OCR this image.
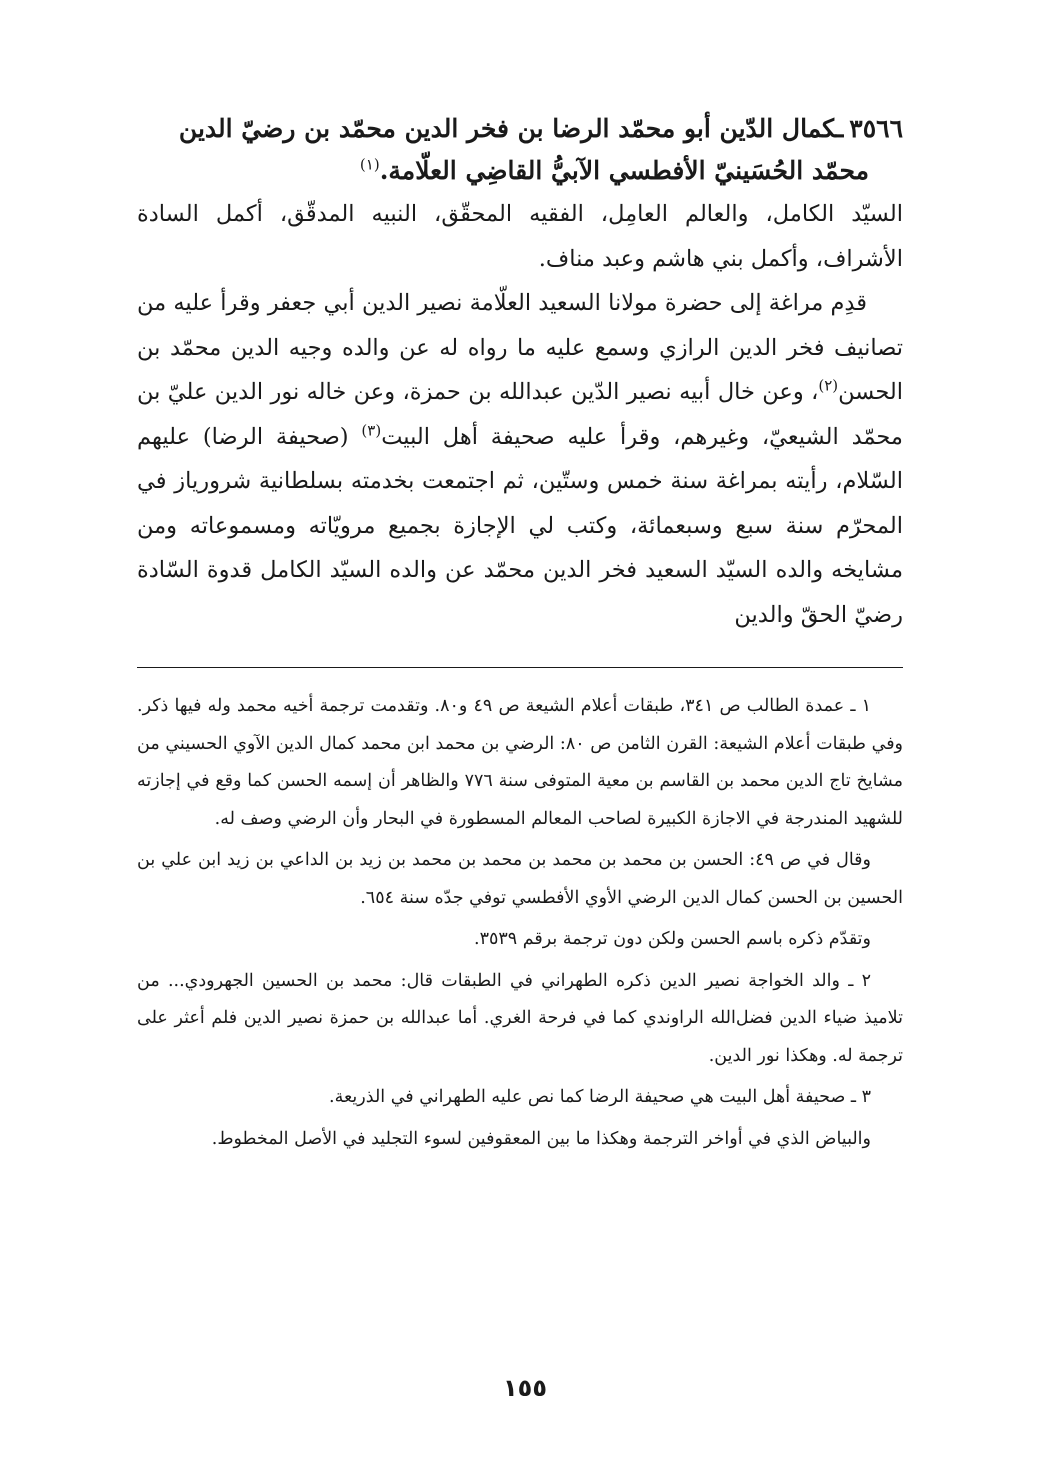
٣٥٦٦ـكمال الدّين أبو محمّد الرضا بن فخر الدين محمّد بن رضيّ الدين
محمّد الحُسَينيّ الأفطسي الآبيُّ القاضِي العلّامة.$^{(١)}$

السيّد الكامل، والعالم العامِل، الفقيه المحقّق، النبيه المدقّق، أكمل السادة الأشراف، وأكمل بني هاشم وعبد مناف.

قدِم مراغة إلى حضرة مولانا السعيد العلّامة نصير الدين أبي جعفر وقرأ عليه من تصانيف فخر الدين الرازي وسمع عليه ما رواه له عن والده وجيه الدين محمّد بن الحسن$^{(٢)}$، وعن خال أبيه نصير الدّين عبدالله بن حمزة، وعن خاله نور الدين عليّ بن محمّد الشيعيّ، وغيرهم، وقرأ عليه صحيفة أهل البيت$^{(٣)}$ (صحيفة الرضا) عليهم السّلام، رأيته بمراغة سنة خمس وستّين، ثم اجتمعت بخدمته بسلطانية شرورياز في المحرّم سنة سبع وسبعمائة، وكتب لي الإجازة بجميع مرويّاته ومسموعاته ومن مشايخه والده السيّد السعيد فخر الدين محمّد عن والده السيّد الكامل قدوة السّادة رضيّ الحقّ والدين

١ ـ عمدة الطالب ص ٣٤١، طبقات أعلام الشيعة ص ٤٩ و٨٠. وتقدمت ترجمة أخيه محمد وله فيها ذكر. وفي طبقات أعلام الشيعة: القرن الثامن ص ٨٠: الرضي بن محمد ابن محمد كمال الدين الآوي الحسيني من مشايخ تاج الدين محمد بن القاسم بن معية المتوفى سنة ٧٧٦ والظاهر أن إسمه الحسن كما وقع في إجازته للشهيد المندرجة في الاجازة الكبيرة لصاحب المعالم المسطورة في البحار وأن الرضي وصف له.

وقال في ص ٤٩: الحسن بن محمد بن محمد بن محمد بن محمد بن زيد بن الداعي بن زيد ابن علي بن الحسين بن الحسن كمال الدين الرضي الأوي الأفطسي توفي جدّه سنة ٦٥٤.

وتقدّم ذكره باسم الحسن ولكن دون ترجمة برقم ٣٥٣٩.

٢ ـ والد الخواجة نصير الدين ذكره الطهراني في الطبقات قال: محمد بن الحسين الجهرودي... من تلاميذ ضياء الدين فضل‌الله الراوندي كما في فرحة الغري. أما عبدالله بن حمزة نصير الدين فلم أعثر على ترجمة له. وهكذا نور الدين.

٣ ـ صحيفة أهل البيت هي صحيفة الرضا كما نص عليه الطهراني في الذريعة.

والبياض الذي في أواخر الترجمة وهكذا ما بين المعقوفين لسوء التجليد في الأصل المخطوط.

١٥٥
